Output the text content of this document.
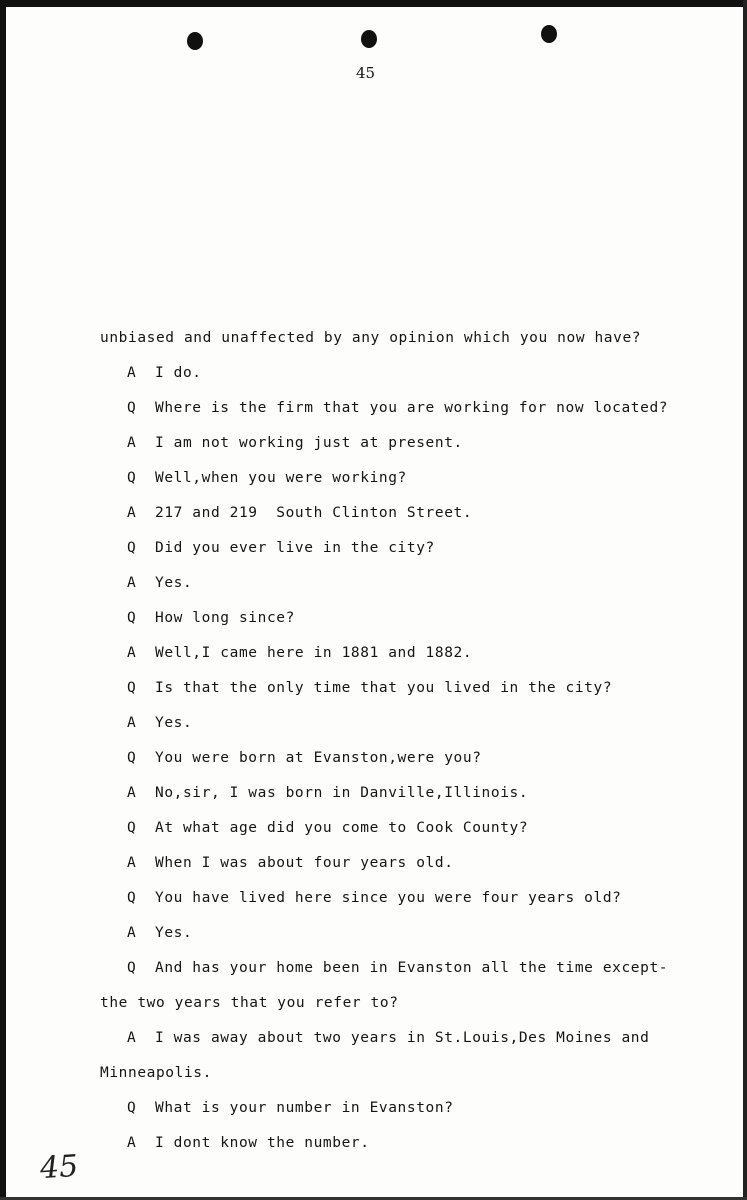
45
unbiased and unaffected by any opinion which you now have?
A  I do.
Q  Where is the firm that you are working for now located?
A  I am not working just at present.
Q  Well,when you were working?
A  217 and 219  South Clinton Street.
Q  Did you ever live in the city?
A  Yes.
Q  How long since?
A  Well,I came here in 1881 and 1882.
Q  Is that the only time that you lived in the city?
A  Yes.
Q  You were born at Evanston,were you?
A  No,sir, I was born in Danville,Illinois.
Q  At what age did you come to Cook County?
A  When I was about four years old.
Q  You have lived here since you were four years old?
A  Yes.
Q  And has your home been in Evanston all the time except-
the two years that you refer to?
A  I was away about two years in St.Louis,Des Moines and
Minneapolis.
Q  What is your number in Evanston?
A  I dont know the number.
45
